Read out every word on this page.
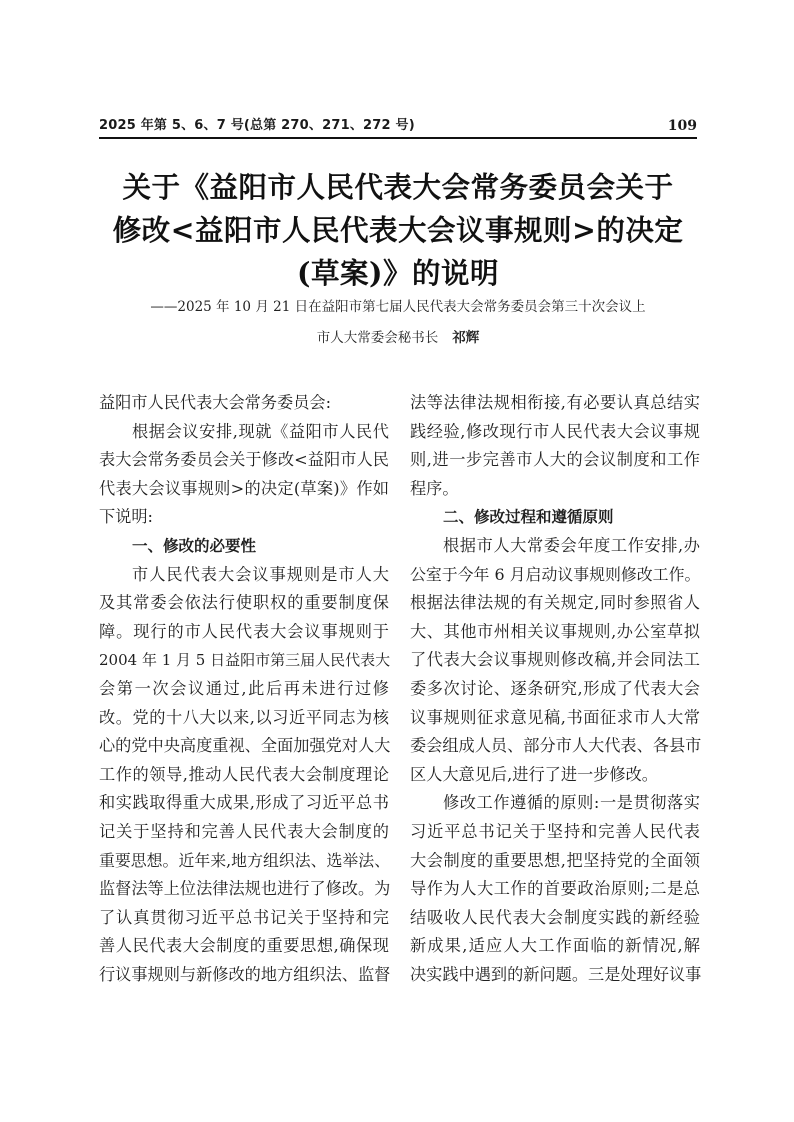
2025 年第 5、6、7 号(总第 270、271、272 号)	109
关于《益阳市人民代表大会常务委员会关于
修改<益阳市人民代表大会议事规则>的决定
(草案)》的说明
——2025 年 10 月 21 日在益阳市第七届人民代表大会常务委员会第三十次会议上
市人大常委会秘书长 祁辉
益阳市人民代表大会常务委员会:
根据会议安排,现就《益阳市人民代
表大会常务委员会关于修改<益阳市人民
代表大会议事规则>的决定(草案)》作如
下说明:
一、修改的必要性
市人民代表大会议事规则是市人大
及其常委会依法行使职权的重要制度保
障。现行的市人民代表大会议事规则于
2004 年 1 月 5 日益阳市第三届人民代表大
会第一次会议通过,此后再未进行过修
改。党的十八大以来,以习近平同志为核
心的党中央高度重视、全面加强党对人大
工作的领导,推动人民代表大会制度理论
和实践取得重大成果,形成了习近平总书
记关于坚持和完善人民代表大会制度的
重要思想。近年来,地方组织法、选举法、
监督法等上位法律法规也进行了修改。为
了认真贯彻习近平总书记关于坚持和完
善人民代表大会制度的重要思想,确保现
行议事规则与新修改的地方组织法、监督
法等法律法规相衔接,有必要认真总结实
践经验,修改现行市人民代表大会议事规
则,进一步完善市人大的会议制度和工作
程序。
二、修改过程和遵循原则
根据市人大常委会年度工作安排,办
公室于今年 6 月启动议事规则修改工作。
根据法律法规的有关规定,同时参照省人
大、其他市州相关议事规则,办公室草拟
了代表大会议事规则修改稿,并会同法工
委多次讨论、逐条研究,形成了代表大会
议事规则征求意见稿,书面征求市人大常
委会组成人员、部分市人大代表、各县市
区人大意见后,进行了进一步修改。
修改工作遵循的原则:一是贯彻落实
习近平总书记关于坚持和完善人民代表
大会制度的重要思想,把坚持党的全面领
导作为人大工作的首要政治原则;二是总
结吸收人民代表大会制度实践的新经验
新成果,适应人大工作面临的新情况,解
决实践中遇到的新问题。三是处理好议事
